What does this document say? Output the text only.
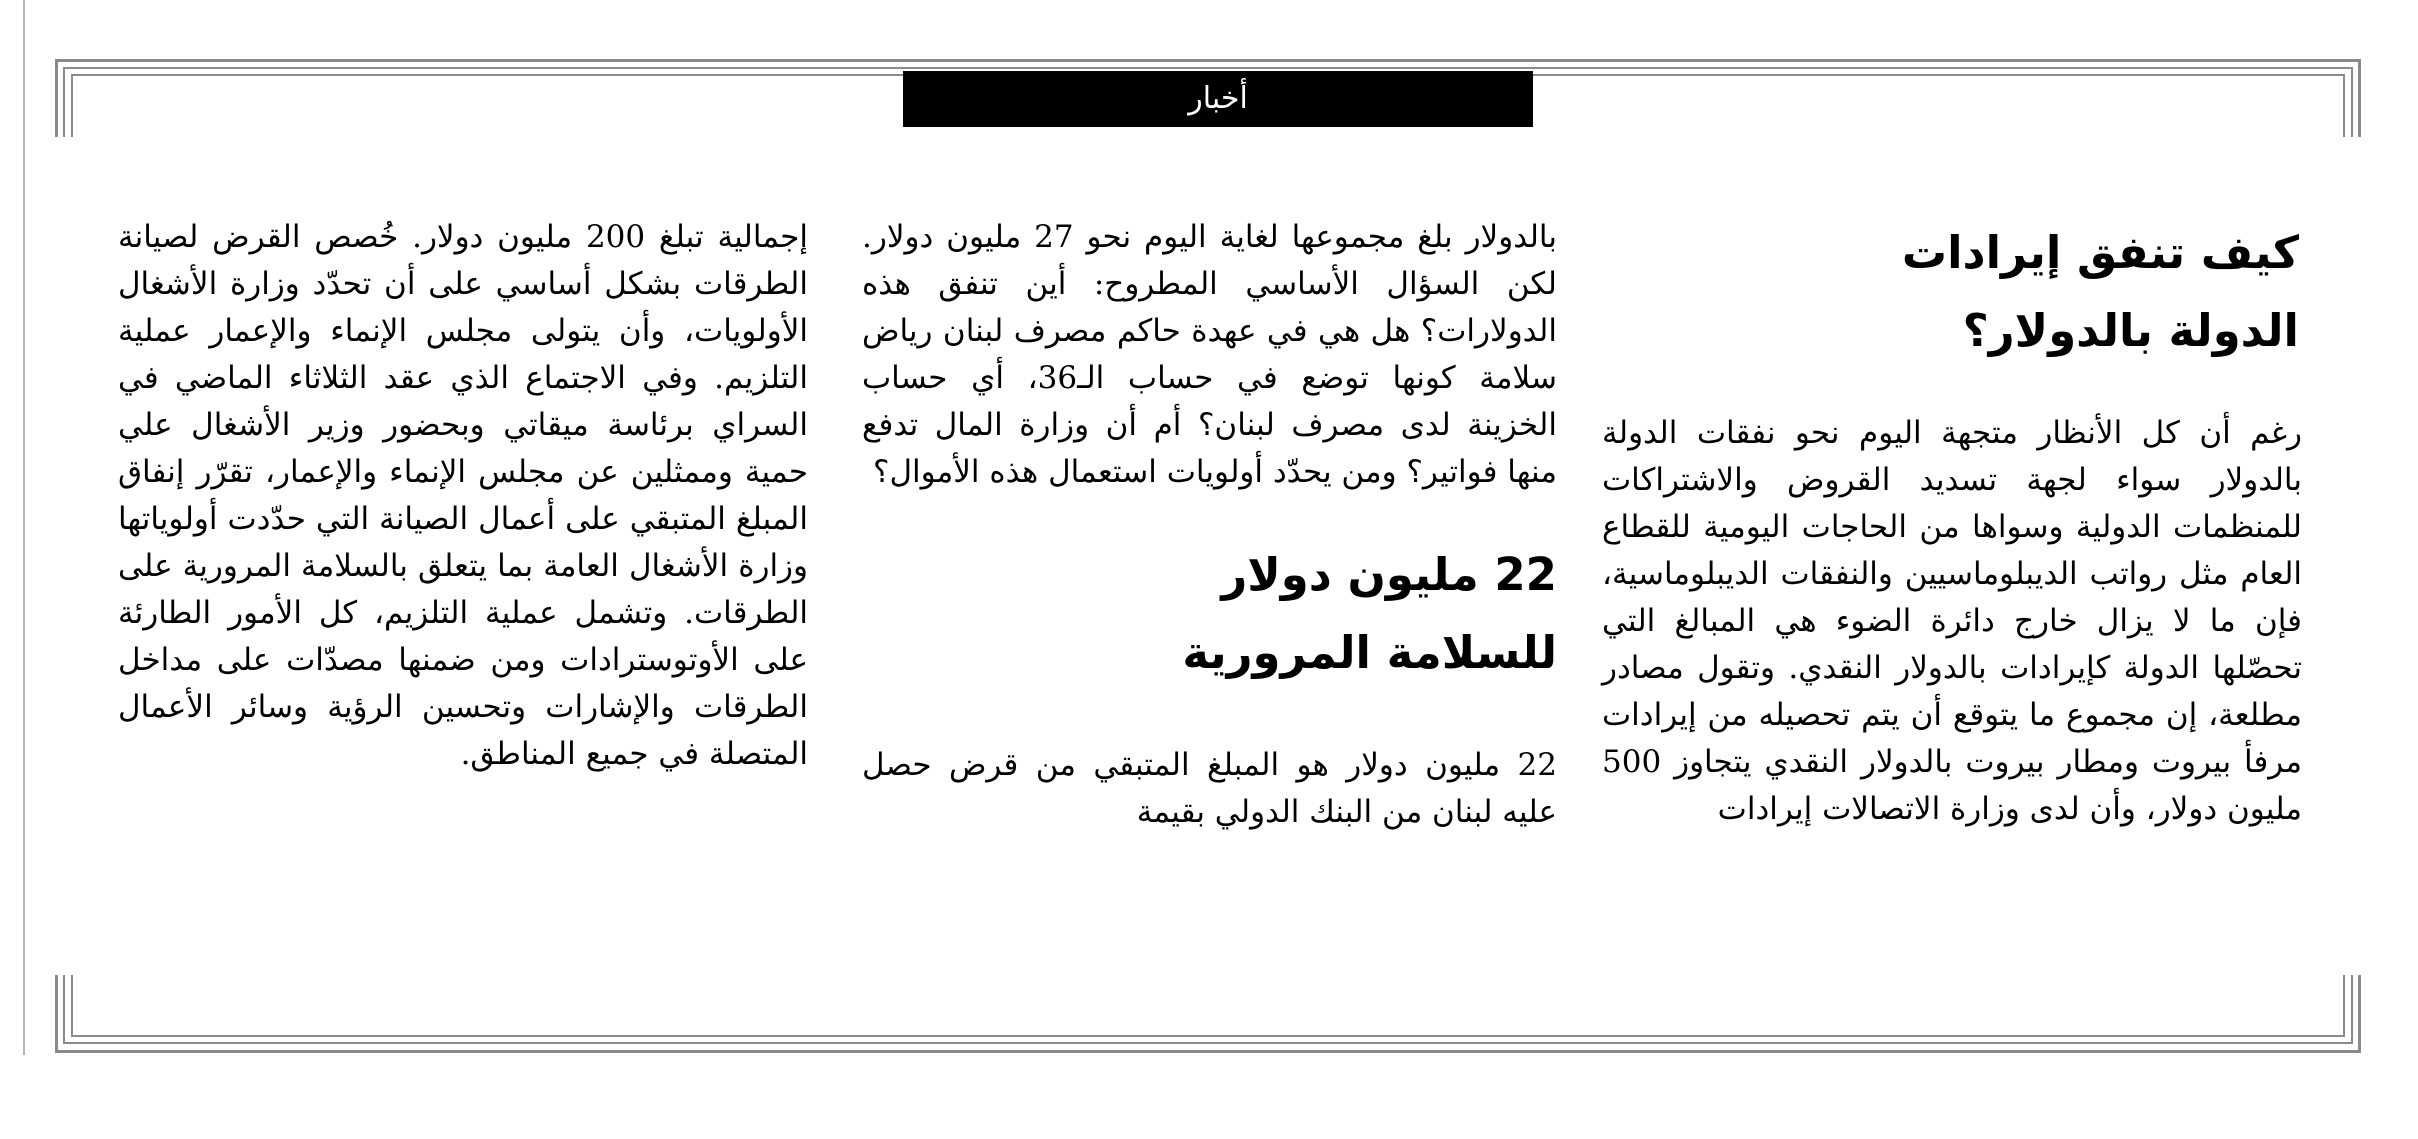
أخبار
كيف تنفق إيرادات
الدولة بالدولار؟

رغم أن كل الأنظار متجهة اليوم نحو نفقات الدولة بالدولار سواء لجهة تسديد القروض والاشتراكات للمنظمات الدولية وسواها من الحاجات اليومية للقطاع العام مثل رواتب الديبلوماسيين والنفقات الديبلوماسية، فإن ما لا يزال خارج دائرة الضوء هي المبالغ التي تحصّلها الدولة كإيرادات بالدولار النقدي. وتقول مصادر مطلعة، إن مجموع ما يتوقع أن يتم تحصيله من إيرادات مرفأ بيروت ومطار بيروت بالدولار النقدي يتجاوز 500 مليون دولار، وأن لدى وزارة الاتصالات إيرادات

بالدولار بلغ مجموعها لغاية اليوم نحو 27 مليون دولار. لكن السؤال الأساسي المطروح: أين تنفق هذه الدولارات؟ هل هي في عهدة حاكم مصرف لبنان رياض سلامة كونها توضع في حساب الـ36، أي حساب الخزينة لدى مصرف لبنان؟ أم أن وزارة المال تدفع منها فواتير؟ ومن يحدّد أولويات استعمال هذه الأموال؟

22 مليون دولار
للسلامة المرورية

22 مليون دولار هو المبلغ المتبقي من قرض حصل عليه لبنان من البنك الدولي بقيمة

إجمالية تبلغ 200 مليون دولار. خُصص القرض لصيانة الطرقات بشكل أساسي على أن تحدّد وزارة الأشغال الأولويات، وأن يتولى مجلس الإنماء والإعمار عملية التلزيم. وفي الاجتماع الذي عقد الثلاثاء الماضي في السراي برئاسة ميقاتي وبحضور وزير الأشغال علي حمية وممثلين عن مجلس الإنماء والإعمار، تقرّر إنفاق المبلغ المتبقي على أعمال الصيانة التي حدّدت أولوياتها وزارة الأشغال العامة بما يتعلق بالسلامة المرورية على الطرقات. وتشمل عملية التلزيم، كل الأمور الطارئة على الأوتوسترادات ومن ضمنها مصدّات على مداخل الطرقات والإشارات وتحسين الرؤية وسائر الأعمال المتصلة في جميع المناطق.
